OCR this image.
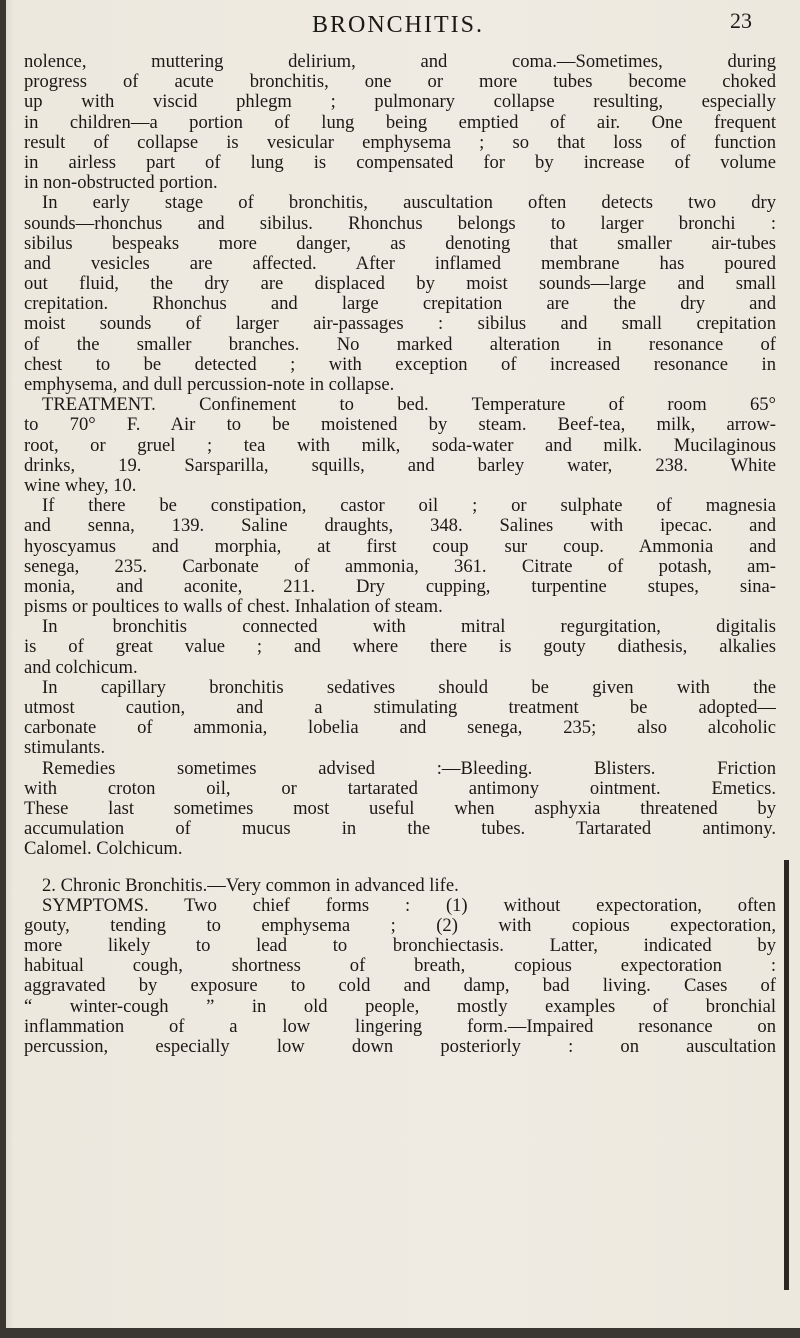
BRONCHITIS.	23
nolence, muttering delirium, and coma.—Sometimes, during
progress of acute bronchitis, one or more tubes become choked
up with viscid phlegm ; pulmonary collapse resulting, especially
in children—a portion of lung being emptied of air. One frequent
result of collapse is vesicular emphysema ; so that loss of function
in airless part of lung is compensated for by increase of volume
in non-obstructed portion.
In early stage of bronchitis, auscultation often detects two dry
sounds—rhonchus and sibilus. Rhonchus belongs to larger bronchi :
sibilus bespeaks more danger, as denoting that smaller air-tubes
and vesicles are affected. After inflamed membrane has poured
out fluid, the dry are displaced by moist sounds—large and small
crepitation. Rhonchus and large crepitation are the dry and
moist sounds of larger air-passages : sibilus and small crepitation
of the smaller branches. No marked alteration in resonance of
chest to be detected ; with exception of increased resonance in
emphysema, and dull percussion-note in collapse.
TREATMENT. Confinement to bed. Temperature of room 65°
to 70° F. Air to be moistened by steam. Beef-tea, milk, arrow-
root, or gruel ; tea with milk, soda-water and milk. Mucilaginous
drinks, 19. Sarsparilla, squills, and barley water, 238. White
wine whey, 10.
If there be constipation, castor oil ; or sulphate of magnesia
and senna, 139. Saline draughts, 348. Salines with ipecac. and
hyoscyamus and morphia, at first coup sur coup. Ammonia and
senega, 235. Carbonate of ammonia, 361. Citrate of potash, am-
monia, and aconite, 211. Dry cupping, turpentine stupes, sina-
pisms or poultices to walls of chest. Inhalation of steam.
In bronchitis connected with mitral regurgitation, digitalis
is of great value ; and where there is gouty diathesis, alkalies
and colchicum.
In capillary bronchitis sedatives should be given with the
utmost caution, and a stimulating treatment be adopted—
carbonate of ammonia, lobelia and senega, 235; also alcoholic
stimulants.
Remedies sometimes advised :—Bleeding. Blisters. Friction
with croton oil, or tartarated antimony ointment. Emetics.
These last sometimes most useful when asphyxia threatened by
accumulation of mucus in the tubes. Tartarated antimony.
Calomel. Colchicum.
2. Chronic Bronchitis.—Very common in advanced life.
SYMPTOMS. Two chief forms : (1) without expectoration, often
gouty, tending to emphysema ; (2) with copious expectoration,
more likely to lead to bronchiectasis. Latter, indicated by
habitual cough, shortness of breath, copious expectoration :
aggravated by exposure to cold and damp, bad living. Cases of
“ winter-cough ” in old people, mostly examples of bronchial
inflammation of a low lingering form.—Impaired resonance on
percussion, especially low down posteriorly : on auscultation
